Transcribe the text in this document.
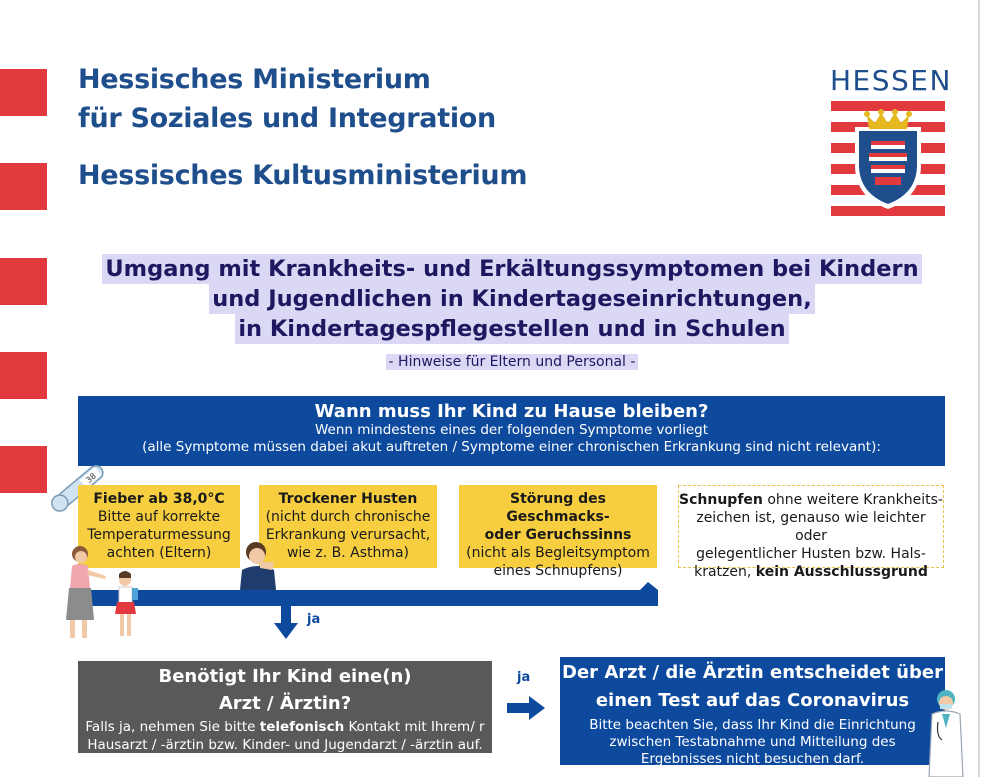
Hessisches Ministerium
für Soziales und Integration
Hessisches Kultusministerium
HESSEN
Umgang mit Krankheits- und Erkältungssymptomen bei Kindern
und Jugendlichen in Kindertageseinrichtungen,
in Kindertagespflegestellen und in Schulen
- Hinweise für Eltern und Personal -
Wann muss Ihr Kind zu Hause bleiben?
Wenn mindestens eines der folgenden Symptome vorliegt
(alle Symptome müssen dabei akut auftreten / Symptome einer chronischen Erkrankung sind nicht relevant):
38
Fieber ab 38,0°C
Bitte auf korrekte
Temperaturmessung
achten (Eltern)
Trockener Husten
(nicht durch chronische
Erkrankung verursacht,
wie z. B. Asthma)
Störung des Geschmacks-
oder Geruchssinns
(nicht als Begleitsymptom
eines Schnupfens)
Schnupfen ohne weitere Krankheits-
zeichen ist, genauso wie leichter oder
gelegentlicher Husten bzw. Hals-
kratzen, kein Ausschlussgrund
ja
ja
Benötigt Ihr Kind eine(n)
Arzt / Ärztin?
Falls ja, nehmen Sie bitte telefonisch Kontakt mit Ihrem/ r
Hausarzt / -ärztin bzw. Kinder- und Jugendarzt / -ärztin auf.
Der Arzt / die Ärztin entscheidet über
einen Test auf das Coronavirus
Bitte beachten Sie, dass Ihr Kind die Einrichtung
zwischen Testabnahme und Mitteilung des
Ergebnisses nicht besuchen darf.
